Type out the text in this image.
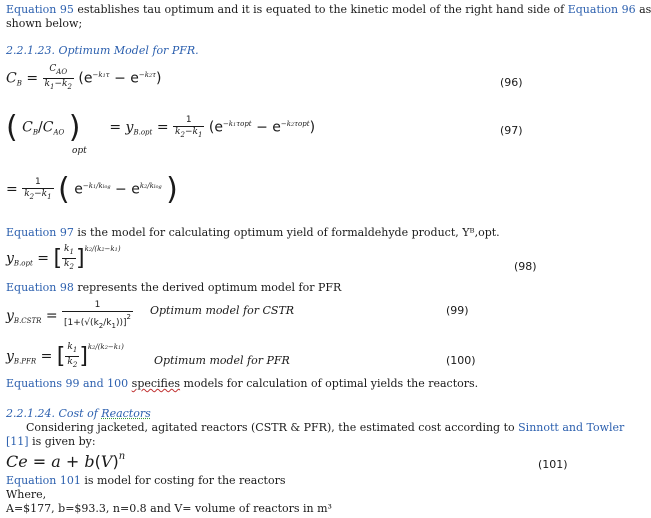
Equation 95 establishes tau optimum and it is equated to the kinetic model of the right hand side of Equation 96 as
shown below;
2.2.1.23. Optimum Model for PFR.
$C_B = \frac{C_{AO}}{k_1-k_2} (e^{-k1\tau} - e^{-k2\tau})$	(96)
( $C_B/C_{AO}$ )  = $y_{B.opt} = \frac{1}{k_2-k_1} (e^{-k1\tau opt} - e^{-k2\tau opt})$
opt
(97)
= $\frac{1}{k_2-k_1}$ ( $e^{-k1/klog} - e^{k2/klog}$ )
Equation 97 is the model for calculating optimum yield of formaldehyde product, Yᴮ,opt.
$y_{B.opt}$ = [ $\frac{k_1}{k_2} ]^{k2/(k2-k1)}$
(98)
Equation 98 represents the derived optimum model for PFR
$y_{B.CSTR} = \frac{1}{[1+(√(k_2/k_1))]^2}$ Optimum model for CSTR	(99)
$y_{B.PFR}$ = [ $\frac{k_1}{k_2} ]^{k2/(k2-k1)}$
Optimum model for PFR	(100)
Equations 99 and 100 specifies models for calculation of optimal yields the reactors.
2.2.1.24. Cost of Reactors
Considering jacketed, agitated reactors (CSTR & PFR), the estimated cost according to Sinnott and Towler
[11] is given by:
$Ce = a + b(V)^n$
(101)
Equation 101 is model for costing for the reactors
Where,
A=$177, b=$93.3, n=0.8 and V= volume of reactors in m³
